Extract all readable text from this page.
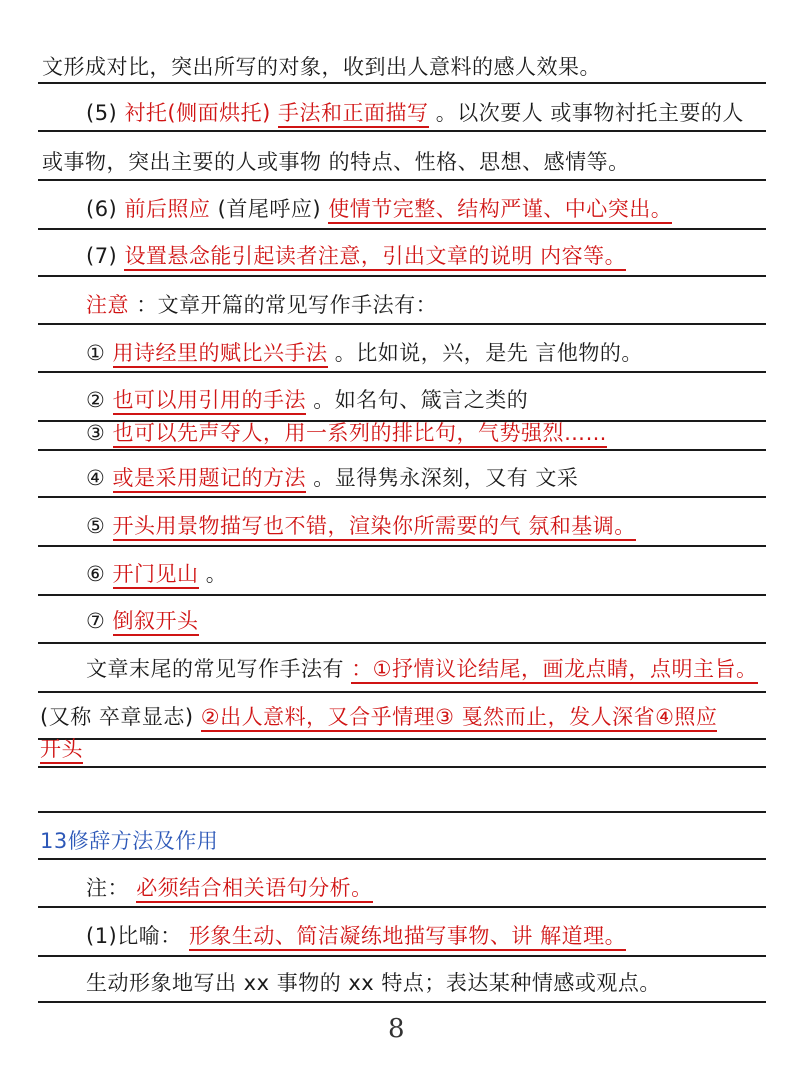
文形成对比，突出所写的对象，收到出人意料的感人效果。
(5) 衬托(侧面烘托) 手法和正面描写 。以次要人 或事物衬托主要的人
或事物，突出主要的人或事物 的特点、性格、思想、感情等。
(6) 前后照应 (首尾呼应) 使情节完整、结构严谨、中心突出。
(7) 设置悬念能引起读者注意，引出文章的说明 内容等。
注意 ：文章开篇的常见写作手法有：
① 用诗经里的赋比兴手法 。比如说，兴，是先 言他物的。
② 也可以用引用的手法 。如名句、箴言之类的
③ 也可以先声夺人，用一系列的排比句，气势强烈……
④ 或是采用题记的方法 。显得隽永深刻，又有 文采
⑤ 开头用景物描写也不错，渲染你所需要的气 氛和基调。
⑥ 开门见山 。
⑦ 倒叙开头
文章末尾的常见写作手法有 ：①抒情议论结尾，画龙点睛，点明主旨。
(又称 卒章显志) ②出人意料，又合乎情理③ 戛然而止，发人深省④照应
开头
13修辞方法及作用
注： 必须结合相关语句分析。
(1)比喻： 形象生动、简洁凝练地描写事物、讲 解道理。
生动形象地写出 xx 事物的 xx 特点；表达某种情感或观点。
8
